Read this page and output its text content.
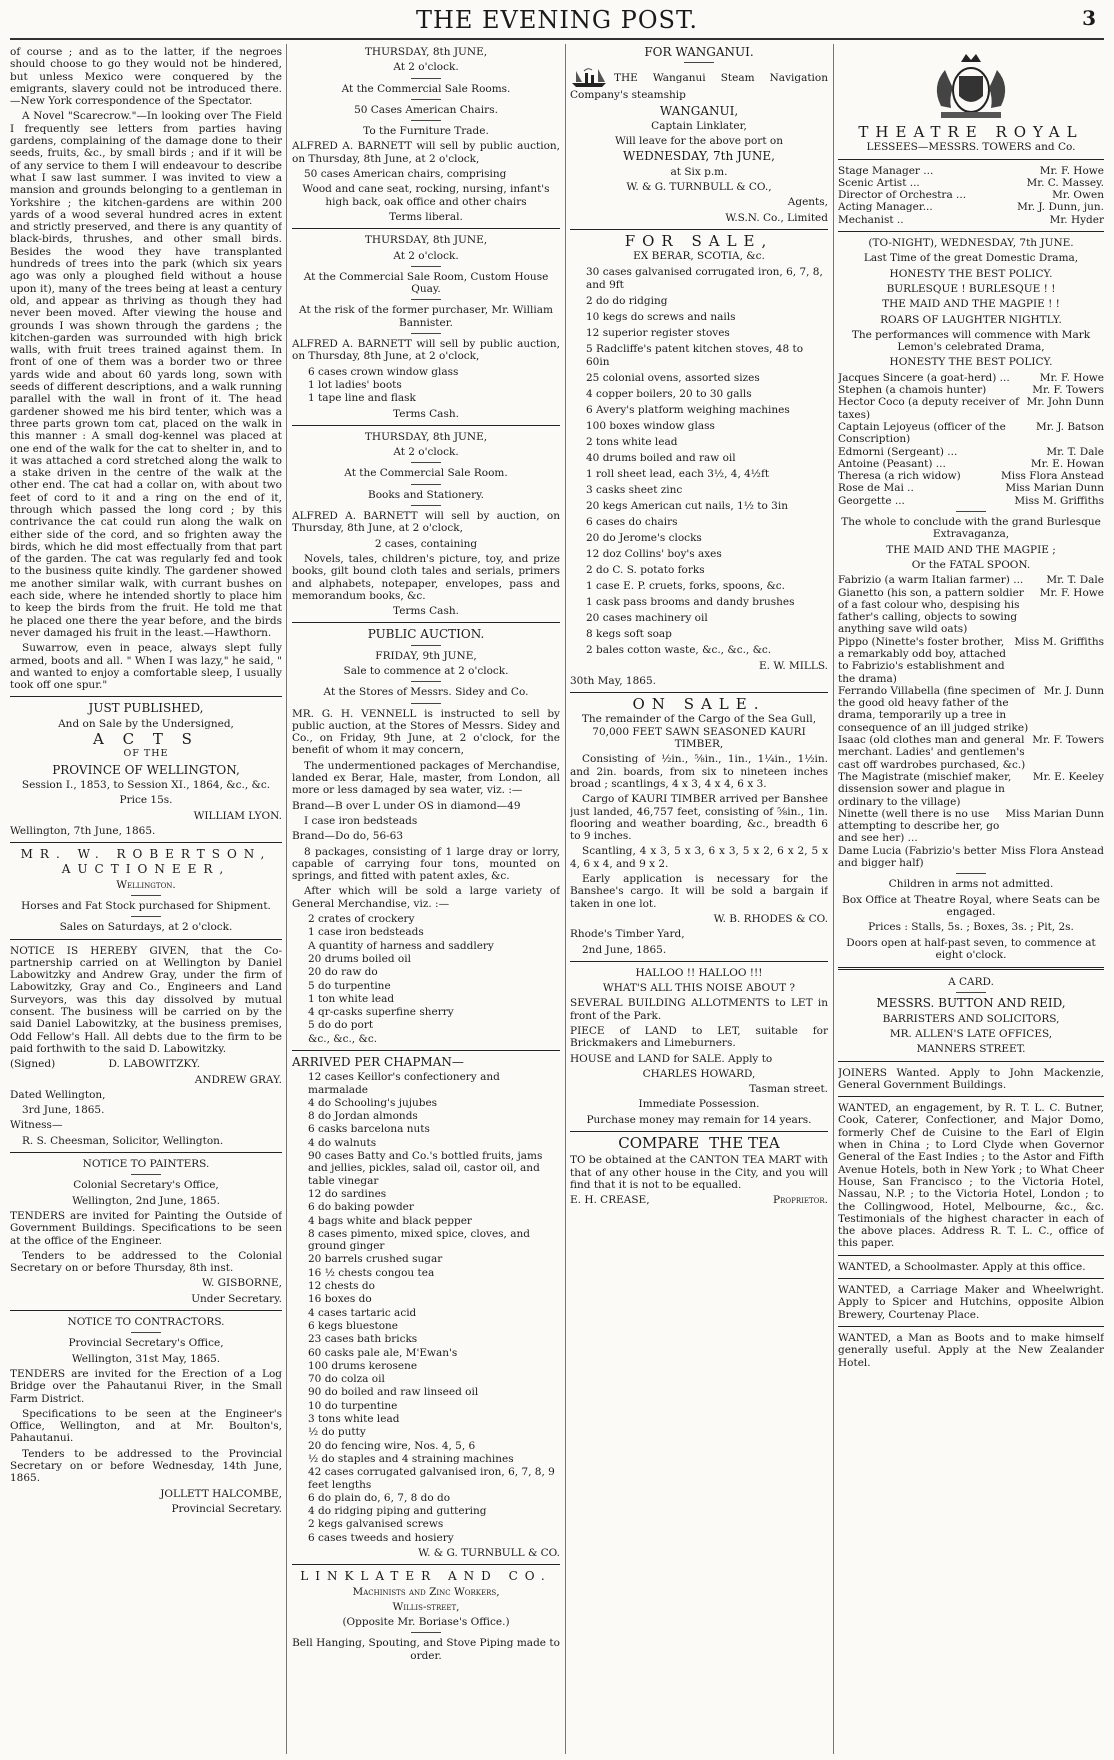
THE EVENING POST.	3

of course ; and as to the latter, if the negroes should choose to go they would not be hindered, but unless Mexico were conquered by the emigrants, slavery could not be introduced there.—New York correspondence of the Spectator.

A Novel "Scarecrow."—In looking over The Field I frequently see letters from parties having gardens, complaining of the damage done to their seeds, fruits, &c., by small birds ; and if it will be of any service to them I will endeavour to describe what I saw last summer. I was invited to view a mansion and grounds belonging to a gentleman in Yorkshire ; the kitchen-gardens are within 200 yards of a wood several hundred acres in extent and strictly preserved, and there is any quantity of black-birds, thrushes, and other small birds. Besides the wood they have transplanted hundreds of trees into the park (which six years ago was only a ploughed field without a house upon it), many of the trees being at least a century old, and appear as thriving as though they had never been moved. After viewing the house and grounds I was shown through the gardens ; the kitchen-garden was surrounded with high brick walls, with fruit trees trained against them. In front of one of them was a border two or three yards wide and about 60 yards long, sown with seeds of different descriptions, and a walk running parallel with the wall in front of it. The head gardener showed me his bird tenter, which was a three parts grown tom cat, placed on the walk in this manner : A small dog-kennel was placed at one end of the walk for the cat to shelter in, and to it was attached a cord stretched along the walk to a stake driven in the centre of the walk at the other end. The cat had a collar on, with about two feet of cord to it and a ring on the end of it, through which passed the long cord ; by this contrivance the cat could run along the walk on either side of the cord, and so frighten away the birds, which he did most effectually from that part of the garden. The cat was regularly fed and took to the business quite kindly. The gardener showed me another similar walk, with currant bushes on each side, where he intended shortly to place him to keep the birds from the fruit. He told me that he placed one there the year before, and the birds never damaged his fruit in the least.—Hawthorn.

Suwarrow, even in peace, always slept fully armed, boots and all. " When I was lazy," he said, " and wanted to enjoy a comfortable sleep, I usually took off one spur."

JUST PUBLISHED,

And on Sale by the Undersigned,

A C T S

OF THE

PROVINCE OF WELLINGTON,

Session I., 1853, to Session XI., 1864, &c., &c.

Price 15s.

WILLIAM LYON.

Wellington, 7th June, 1865.

MR. W. ROBERTSON,

AUCTIONEER,

Wellington.

Horses and Fat Stock purchased for Shipment.

Sales on Saturdays, at 2 o'clock.

NOTICE IS HEREBY GIVEN, that the Co-partnership carried on at Wellington by Daniel Labowitzky and Andrew Gray, under the firm of Labowitzky, Gray and Co., Engineers and Land Surveyors, was this day dissolved by mutual consent. The business will be carried on by the said Daniel Labowitzky, at the business premises, Odd Fellow's Hall. All debts due to the firm to be paid forthwith to the said D. Labowitzky.

(Signed)	D. LABOWITZKY.

ANDREW GRAY.

Dated Wellington,

3rd June, 1865.

Witness—

R. S. Cheesman, Solicitor, Wellington.

NOTICE TO PAINTERS.

Colonial Secretary's Office,

Wellington, 2nd June, 1865.

TENDERS are invited for Painting the Outside of Government Buildings. Specifications to be seen at the office of the Engineer.

Tenders to be addressed to the Colonial Secretary on or before Thursday, 8th inst.

W. GISBORNE,

Under Secretary.

NOTICE TO CONTRACTORS.

Provincial Secretary's Office,

Wellington, 31st May, 1865.

TENDERS are invited for the Erection of a Log Bridge over the Pahautanui River, in the Small Farm District.

Specifications to be seen at the Engineer's Office, Wellington, and at Mr. Boulton's, Pahautanui.

Tenders to be addressed to the Provincial Secretary on or before Wednesday, 14th June, 1865.

JOLLETT HALCOMBE,

Provincial Secretary.

THURSDAY, 8th JUNE,

At 2 o'clock.

At the Commercial Sale Rooms.

50 Cases American Chairs.

To the Furniture Trade.

ALFRED A. BARNETT will sell by public auction, on Thursday, 8th June, at 2 o'clock,

50 cases American chairs, comprising

Wood and cane seat, rocking, nursing, infant's high back, oak office and other chairs

Terms liberal.

THURSDAY, 8th JUNE,

At 2 o'clock.

At the Commercial Sale Room, Custom House Quay.

At the risk of the former purchaser, Mr. William Bannister.

ALFRED A. BARNETT will sell by public auction, on Thursday, 8th June, at 2 o'clock,

6 cases crown window glass
1 lot ladies' boots
1 tape line and flask

Terms Cash.

THURSDAY, 8th JUNE,

At 2 o'clock.

At the Commercial Sale Room.

Books and Stationery.

ALFRED A. BARNETT will sell by auction, on Thursday, 8th June, at 2 o'clock,

2 cases, containing

Novels, tales, children's picture, toy, and prize books, gilt bound cloth tales and serials, primers and alphabets, notepaper, envelopes, pass and memorandum books, &c.

Terms Cash.

PUBLIC AUCTION.

FRIDAY, 9th JUNE,

Sale to commence at 2 o'clock.

At the Stores of Messrs. Sidey and Co.

MR. G. H. VENNELL is instructed to sell by public auction, at the Stores of Messrs. Sidey and Co., on Friday, 9th June, at 2 o'clock, for the benefit of whom it may concern,

The undermentioned packages of Merchandise, landed ex Berar, Hale, master, from London, all more or less damaged by sea water, viz. :—

Brand—B over L under OS in diamond—49

I case iron bedsteads

Brand—Do do, 56-63

8 packages, consisting of 1 large dray or lorry, capable of carrying four tons, mounted on springs, and fitted with patent axles, &c.

After which will be sold a large variety of General Merchandise, viz. :—

2 crates of crockery
1 case iron bedsteads
A quantity of harness and saddlery
20 drums boiled oil
20 do raw do
5 do turpentine
1 ton white lead
4 qr-casks superfine sherry
5 do do port
&c., &c., &c.

ARRIVED PER CHAPMAN—

12 cases Keillor's confectionery and marmalade
4 do Schooling's jujubes
8 do Jordan almonds
6 casks barcelona nuts
4 do walnuts
90 cases Batty and Co.'s bottled fruits, jams and jellies, pickles, salad oil, castor oil, and table vinegar
12 do sardines
6 do baking powder
4 bags white and black pepper
8 cases pimento, mixed spice, cloves, and ground ginger
20 barrels crushed sugar
16 ½ chests congou tea
12 chests do
16 boxes do
4 cases tartaric acid
6 kegs bluestone
23 cases bath bricks
60 casks pale ale, M'Ewan's
100 drums kerosene
70 do colza oil
90 do boiled and raw linseed oil
10 do turpentine
3 tons white lead
½ do putty
20 do fencing wire, Nos. 4, 5, 6
½ do staples and 4 straining machines
42 cases corrugated galvanised iron, 6, 7, 8, 9 feet lengths
6 do plain do, 6, 7, 8 do do
4 do ridging piping and guttering
2 kegs galvanised screws
6 cases tweeds and hosiery

W. & G. TURNBULL & CO.

LINKLATER AND CO.

Machinists and Zinc Workers,

Willis-street,

(Opposite Mr. Boriase's Office.)

Bell Hanging, Spouting, and Stove Piping made to order.

FOR WANGANUI.

THE Wanganui Steam Navigation Company's steamship

WANGANUI,

Captain Linklater,

Will leave for the above port on

WEDNESDAY, 7th JUNE,

at Six p.m.

W. & G. TURNBULL & CO.,

Agents,

W.S.N. Co., Limited

FOR SALE,

EX BERAR, SCOTIA, &c.

30 cases galvanised corrugated iron, 6, 7, 8, and 9ft
2 do do ridging
10 kegs do screws and nails
12 superior register stoves
5 Radcliffe's patent kitchen stoves, 48 to 60in
25 colonial ovens, assorted sizes
4 copper boilers, 20 to 30 galls
6 Avery's platform weighing machines
100 boxes window glass
2 tons white lead
40 drums boiled and raw oil
1 roll sheet lead, each 3½, 4, 4½ft
3 casks sheet zinc
20 kegs American cut nails, 1½ to 3in
6 cases do chairs
20 do Jerome's clocks
12 doz Collins' boy's axes
2 do C. S. potato forks
1 case E. P. cruets, forks, spoons, &c.
1 cask pass brooms and dandy brushes
20 cases machinery oil
8 kegs soft soap
2 bales cotton waste, &c., &c., &c.

E. W. MILLS.

30th May, 1865.

ON SALE.

The remainder of the Cargo of the Sea Gull, 70,000 FEET SAWN SEASONED KAURI TIMBER,

Consisting of ½in., ⅝in., 1in., 1¼in., 1½in. and 2in. boards, from six to nineteen inches broad ; scantlings, 4 x 3, 4 x 4, 6 x 3.

Cargo of KAURI TIMBER arrived per Banshee just landed, 46,757 feet, consisting of ⅝in., 1in. flooring and weather boarding, &c., breadth 6 to 9 inches.

Scantling, 4 x 3, 5 x 3, 6 x 3, 5 x 2, 6 x 2, 5 x 4, 6 x 4, and 9 x 2.

Early application is necessary for the Banshee's cargo. It will be sold a bargain if taken in one lot.

W. B. RHODES & CO.

Rhode's Timber Yard,

2nd June, 1865.

HALLOO !! HALLOO !!!

WHAT'S ALL THIS NOISE ABOUT ?

SEVERAL BUILDING ALLOTMENTS to LET in front of the Park.

PIECE of LAND to LET, suitable for Brickmakers and Limeburners.

HOUSE and LAND for SALE. Apply to

CHARLES HOWARD,

Tasman street.

Immediate Possession.

Purchase money may remain for 14 years.

COMPARE THE TEA

TO be obtained at the CANTON TEA MART with that of any other house in the City, and you will find that it is not to be equalled.

E. H. CREASE,	Proprietor.

THEATRE ROYAL

LESSEES—MESSRS. TOWERS and Co.

Stage Manager ...	Mr. F. Howe
Scenic Artist ...	Mr. C. Massey.
Director of Orchestra ...	Mr. Owen
Acting Manager...	Mr. J. Dunn, jun.
Mechanist ..	Mr. Hyder

(TO-NIGHT), WEDNESDAY, 7th JUNE.

Last Time of the great Domestic Drama,

HONESTY THE BEST POLICY.

BURLESQUE ! BURLESQUE ! !

THE MAID AND THE MAGPIE ! !

ROARS OF LAUGHTER NIGHTLY.

The performances will commence with Mark Lemon's celebrated Drama,

HONESTY THE BEST POLICY.

Jacques Sincere (a goat-herd) ...	Mr. F. Howe
Stephen (a chamois hunter)	Mr. F. Towers
Hector Coco (a deputy receiver of taxes)
Mr. John Dunn
Captain Lejoyeus (officer of the Conscription)
Mr. J. Batson
Edmorni (Sergeant) ...	Mr. T. Dale
Antoine (Peasant) ...	Mr. E. Howan
Theresa (a rich widow)	Miss Flora Anstead
Rose de Mai ..	Miss Marian Dunn
Georgette ...	Miss M. Griffiths

The whole to conclude with the grand Burlesque Extravaganza,

THE MAID AND THE MAGPIE ;

Or the FATAL SPOON.

Fabrizio (a warm Italian farmer) ...	Mr. T. Dale
Gianetto (his son, a pattern soldier of a fast colour who, despising his father's calling, objects to sowing anything save wild oats)
Mr. F. Howe
Pippo (Ninette's foster brother, a remarkably odd boy, attached to Fabrizio's establishment and the drama)
Miss M. Griffiths
Ferrando Villabella (fine specimen of the good old heavy father of the drama, temporarily up a tree in consequence of an ill judged strike)
Mr. J. Dunn
Isaac (old clothes man and general merchant. Ladies' and gentlemen's cast off wardrobes purchased, &c.)
Mr. F. Towers
The Magistrate (mischief maker, dissension sower and plague in ordinary to the village)
Mr. E. Keeley
Ninette (well there is no use attempting to describe her, go and see her) ...
Miss Marian Dunn
Dame Lucia (Fabrizio's better and bigger half)
Miss Flora Anstead

Children in arms not admitted.

Box Office at Theatre Royal, where Seats can be engaged.

Prices : Stalls, 5s. ; Boxes, 3s. ; Pit, 2s.

Doors open at half-past seven, to commence at eight o'clock.

A CARD.

MESSRS. BUTTON AND REID,

BARRISTERS AND SOLICITORS,

MR. ALLEN'S LATE OFFICES,

MANNERS STREET.

JOINERS Wanted. Apply to John Mackenzie, General Government Buildings.

WANTED, an engagement, by R. T. L. C. Butner, Cook, Caterer, Confectioner, and Major Domo, formerly Chef de Cuisine to the Earl of Elgin when in China ; to Lord Clyde when Governor General of the East Indies ; to the Astor and Fifth Avenue Hotels, both in New York ; to What Cheer House, San Francisco ; to the Victoria Hotel, Nassau, N.P. ; to the Victoria Hotel, London ; to the Collingwood, Hotel, Melbourne, &c., &c. Testimonials of the highest character in each of the above places. Address R. T. L. C., office of this paper.

WANTED, a Schoolmaster. Apply at this office.

WANTED, a Carriage Maker and Wheelwright. Apply to Spicer and Hutchins, opposite Albion Brewery, Courtenay Place.

WANTED, a Man as Boots and to make himself generally useful. Apply at the New Zealander Hotel.
